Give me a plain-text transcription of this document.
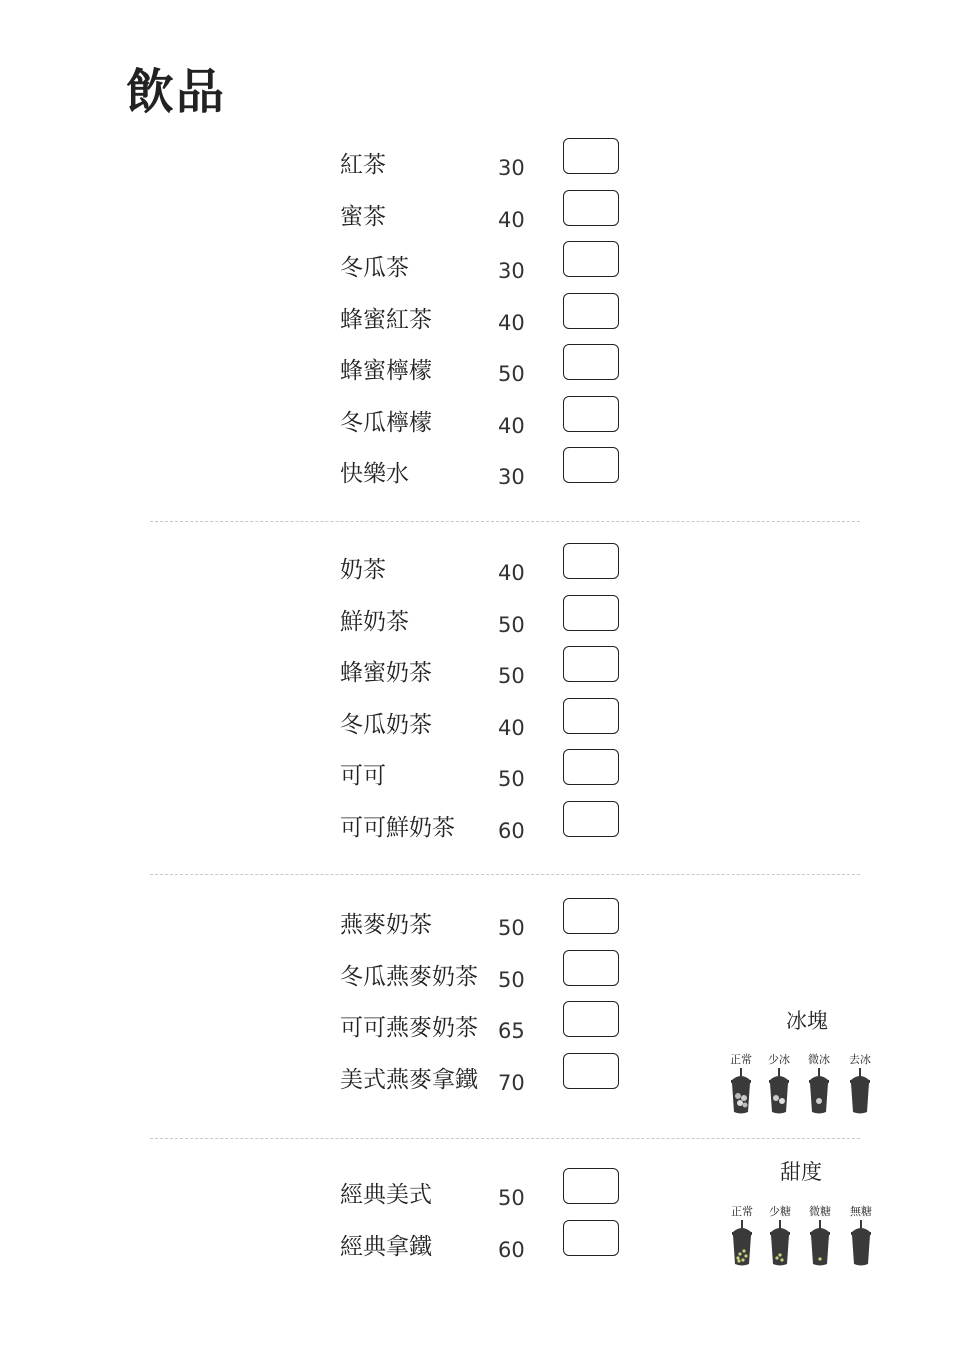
飲品
紅茶	30
蜜茶	40
冬瓜茶	30
蜂蜜紅茶	40
蜂蜜檸檬	50
冬瓜檸檬	40
快樂水	30
奶茶	40
鮮奶茶	50
蜂蜜奶茶	50
冬瓜奶茶	40
可可	50
可可鮮奶茶 60
燕麥奶茶	50
冬瓜燕麥奶茶 50
可可燕麥奶茶 65
美式燕麥拿鐵 70
經典美式	50
經典拿鐵	60
冰塊
正常	少冰	微冰	去冰
甜度
正常	少糖	微糖	無糖
